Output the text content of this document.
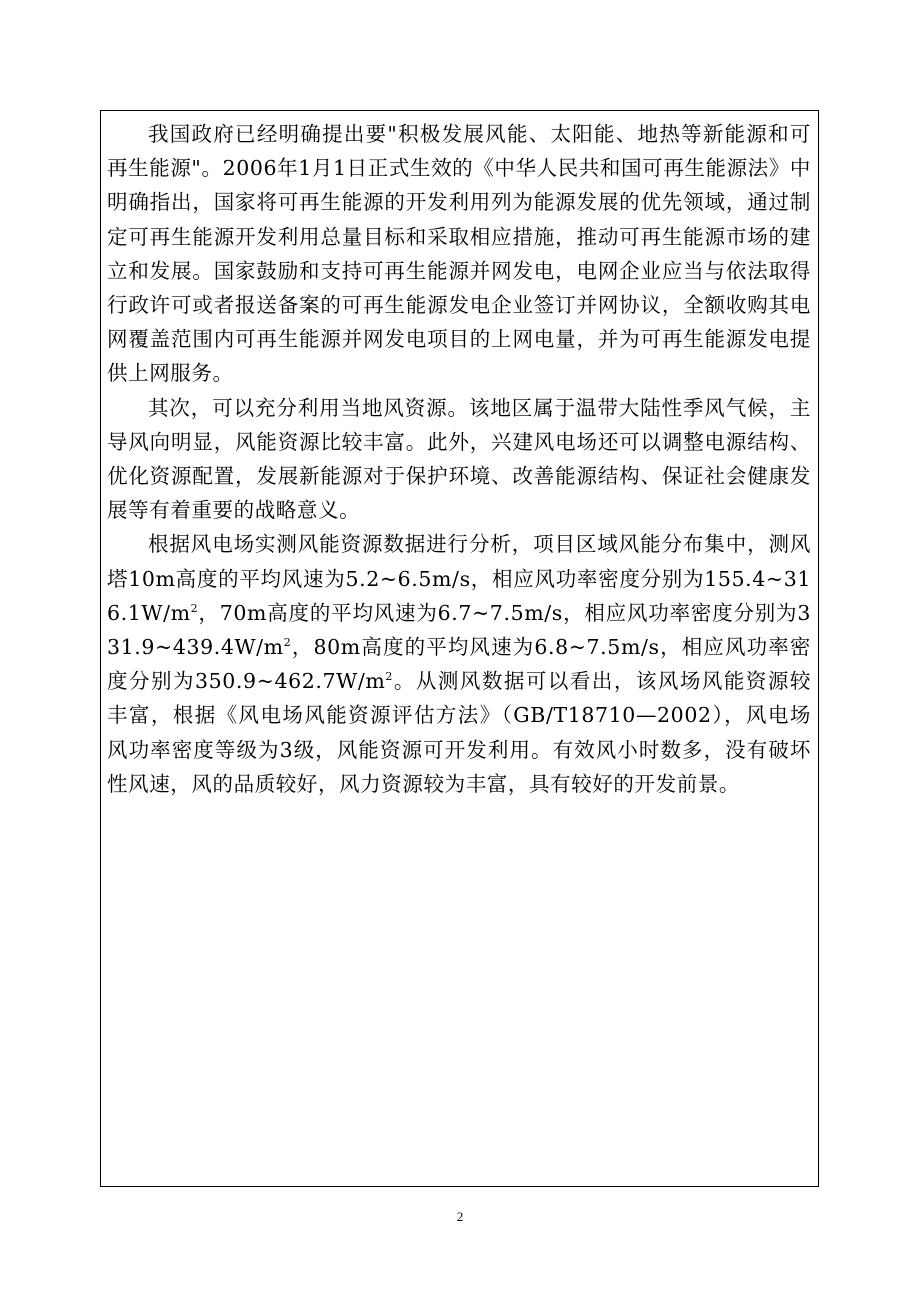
我国政府已经明确提出要"积极发展风能、太阳能、地热等新能源和可再生能源"。2006年1月1日正式生效的《中华人民共和国可再生能源法》中明确指出，国家将可再生能源的开发利用列为能源发展的优先领域，通过制定可再生能源开发利用总量目标和采取相应措施，推动可再生能源市场的建立和发展。国家鼓励和支持可再生能源并网发电，电网企业应当与依法取得行政许可或者报送备案的可再生能源发电企业签订并网协议，全额收购其电网覆盖范围内可再生能源并网发电项目的上网电量，并为可再生能源发电提供上网服务。

其次，可以充分利用当地风资源。该地区属于温带大陆性季风气候，主导风向明显，风能资源比较丰富。此外，兴建风电场还可以调整电源结构、优化资源配置，发展新能源对于保护环境、改善能源结构、保证社会健康发展等有着重要的战略意义。

根据风电场实测风能资源数据进行分析，项目区域风能分布集中，测风塔10m高度的平均风速为5.2~6.5m/s，相应风功率密度分别为$155.4\sim 316.1W/m^2$，70m高度的平均风速为6.7~7.5m/s，相应风功率密度分别为$331.9\sim 439.4W/m^2$，80m高度的平均风速为6.8~7.5m/s，相应风功率密度分别为$350.9\sim 462.7W/m^2$。从测风数据可以看出，该风场风能资源较丰富，根据《风电场风能资源评估方法》（GB/T18710—2002），风电场风功率密度等级为3级，风能资源可开发利用。有效风小时数多，没有破坏性风速，风的品质较好，风力资源较为丰富，具有较好的开发前景。

2
